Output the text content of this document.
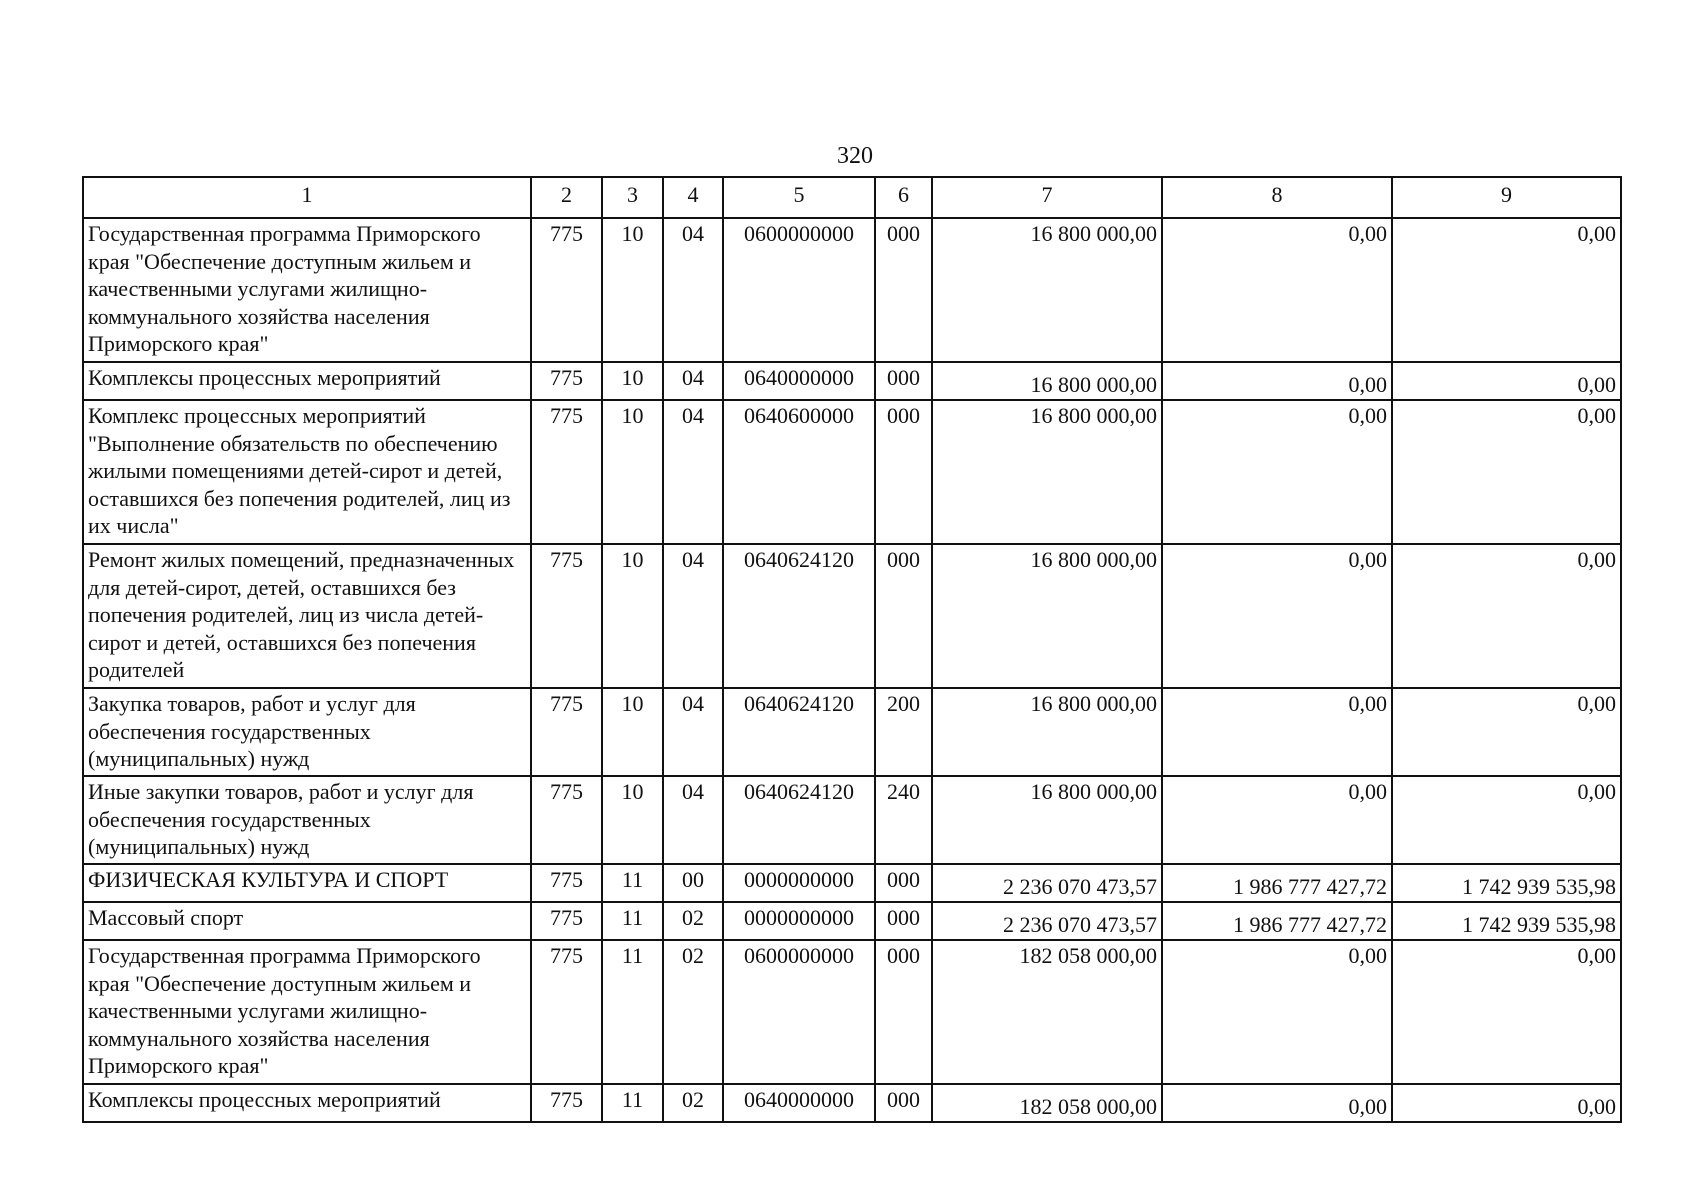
320
1	2	3	4	5	6	7	8	9
Государственная программа Приморского края "Обеспечение доступным жильем и качественными услугами жилищно-коммунального хозяйства населения Приморского края"	775	10	04	0600000000	000	16 800 000,00	0,00	0,00
Комплексы процессных мероприятий	775	10	04	0640000000	000	16 800 000,00	0,00	0,00
Комплекс процессных мероприятий "Выполнение обязательств по обеспечению жилыми помещениями детей-сирот и детей, оставшихся без попечения родителей, лиц из их числа"	775	10	04	0640600000	000	16 800 000,00	0,00	0,00
Ремонт жилых помещений, предназначенных для детей-сирот, детей, оставшихся без попечения родителей, лиц из числа детей-сирот и детей, оставшихся без попечения родителей	775	10	04	0640624120	000	16 800 000,00	0,00	0,00
Закупка товаров, работ и услуг для обеспечения государственных (муниципальных) нужд	775	10	04	0640624120	200	16 800 000,00	0,00	0,00
Иные закупки товаров, работ и услуг для обеспечения государственных (муниципальных) нужд	775	10	04	0640624120	240	16 800 000,00	0,00	0,00
ФИЗИЧЕСКАЯ КУЛЬТУРА И СПОРТ	775	11	00	0000000000	000	2 236 070 473,57	1 986 777 427,72	1 742 939 535,98
Массовый спорт	775	11	02	0000000000	000	2 236 070 473,57	1 986 777 427,72	1 742 939 535,98
Государственная программа Приморского края "Обеспечение доступным жильем и качественными услугами жилищно-коммунального хозяйства населения Приморского края"	775	11	02	0600000000	000	182 058 000,00	0,00	0,00
Комплексы процессных мероприятий	775	11	02	0640000000	000	182 058 000,00	0,00	0,00
